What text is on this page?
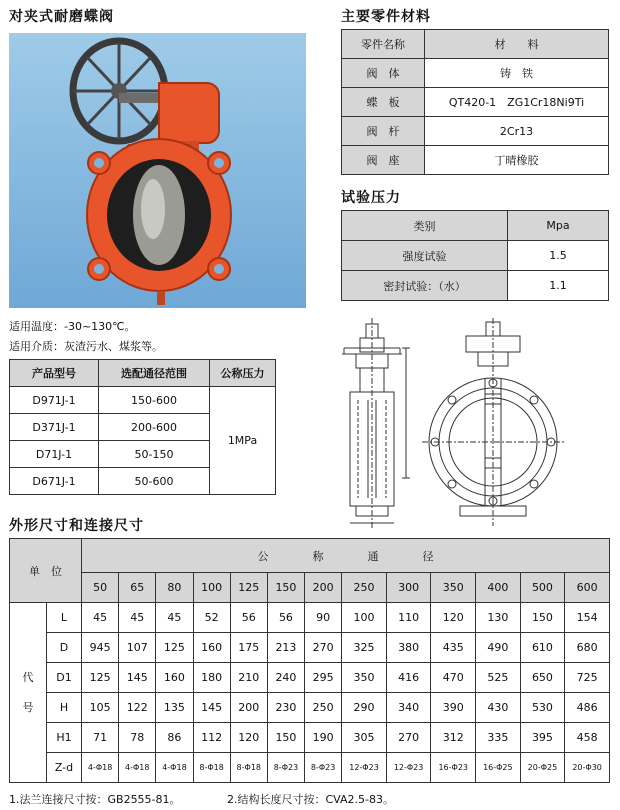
对夹式耐磨蝶阀	主要零件材料
零件名称	材　　料
阀　体	铸　铁
蝶　板	QT420-1　ZG1Cr18Ni9Ti
阀　杆	2Cr13
阀　座	丁晴橡胶
试验压力
类别	Mpa
强度试验	1.5
密封试验：（水）	1.1
适用温度：-30~130℃。
适用介质：灰渣污水、煤浆等。
产品型号	选配通径范围	公称压力
D971J-1	150-600	1MPa
D371J-1	200-600	
D71J-1	50-150	
D671J-1	50-600	
外形尺寸和连接尺寸
单　位		公　　　　称　　　　通　　　　径												
		50	65	80	100	125	150	200	250	300	350	400	500	600
代号	L	45	45	45	52	56	56	90	100	110	120	130	150	154
	D	945	107	125	160	175	213	270	325	380	435	490	610	680
	D1	125	145	160	180	210	240	295	350	416	470	525	650	725
	H	105	122	135	145	200	230	250	290	340	390	430	530	486
	H1	71	78	86	112	120	150	190	305	270	312	335	395	458
	Z-d	4-Φ18	4-Φ18	4-Φ18	8-Φ18	8-Φ18	8-Φ23	8-Φ23	12-Φ23	12-Φ23	16-Φ23	16-Φ25	20-Φ25	20-Φ30
1.法兰连接尺寸按：GB2555-81。	2.结构长度尺寸按：CVA2.5-83。
